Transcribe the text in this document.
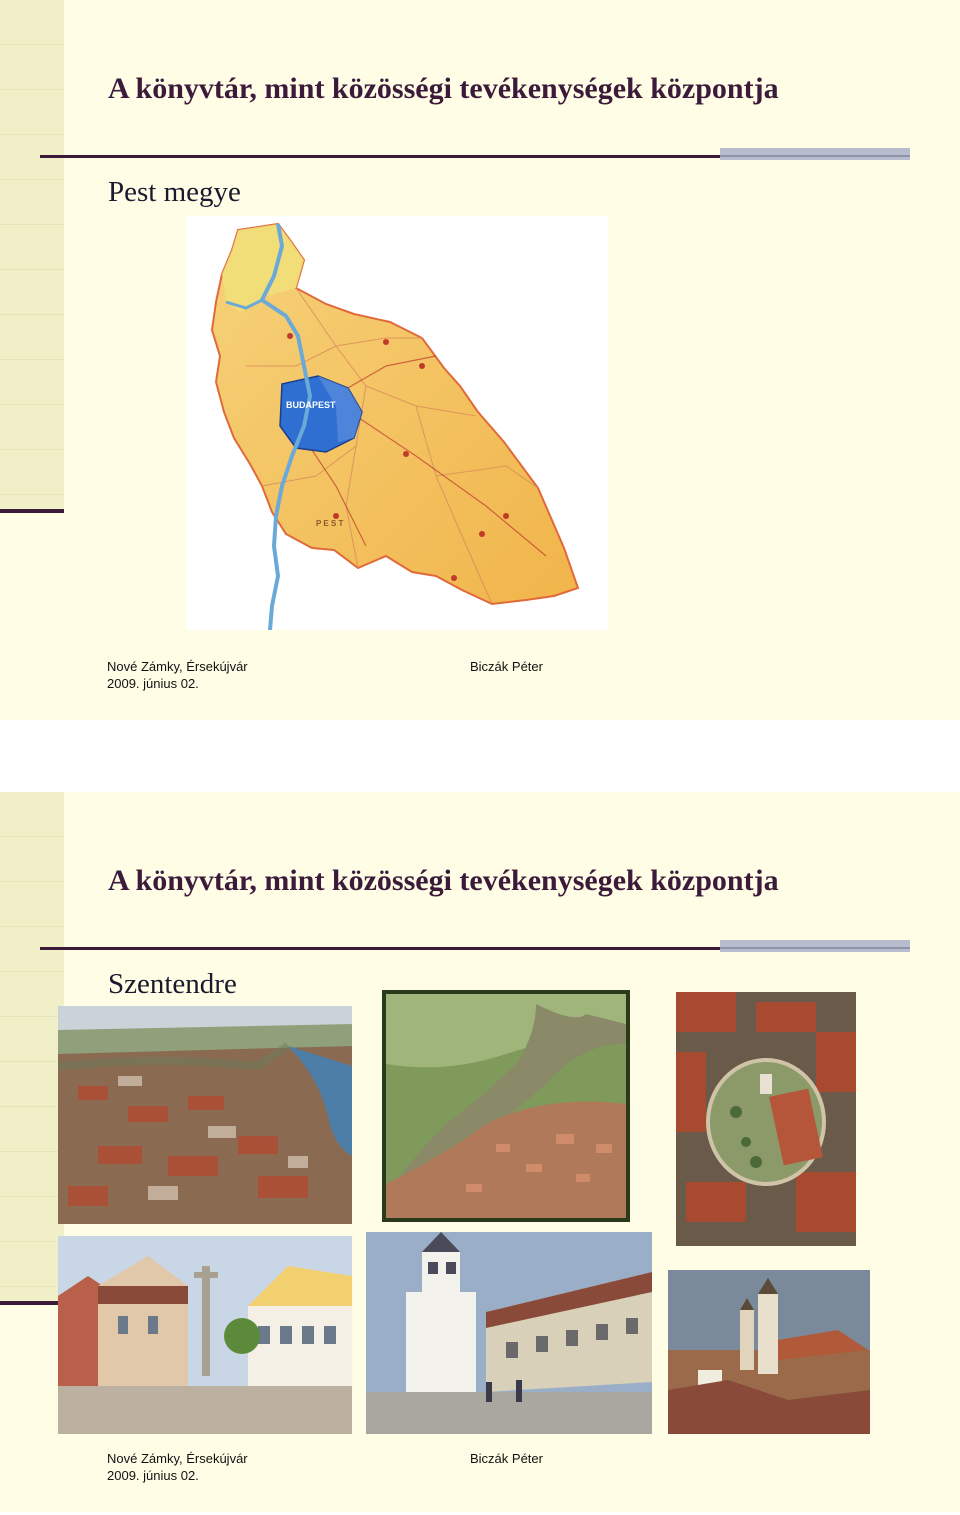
A könyvtár, mint közösségi tevékenységek központja
Pest megye
BUDAPEST
P E S T
Nové Zámky, Érsekújvár
2009. június 02.
Biczák Péter
A könyvtár, mint közösségi tevékenységek központja
Szentendre
Nové Zámky, Érsekújvár
2009. június 02.
Biczák Péter
